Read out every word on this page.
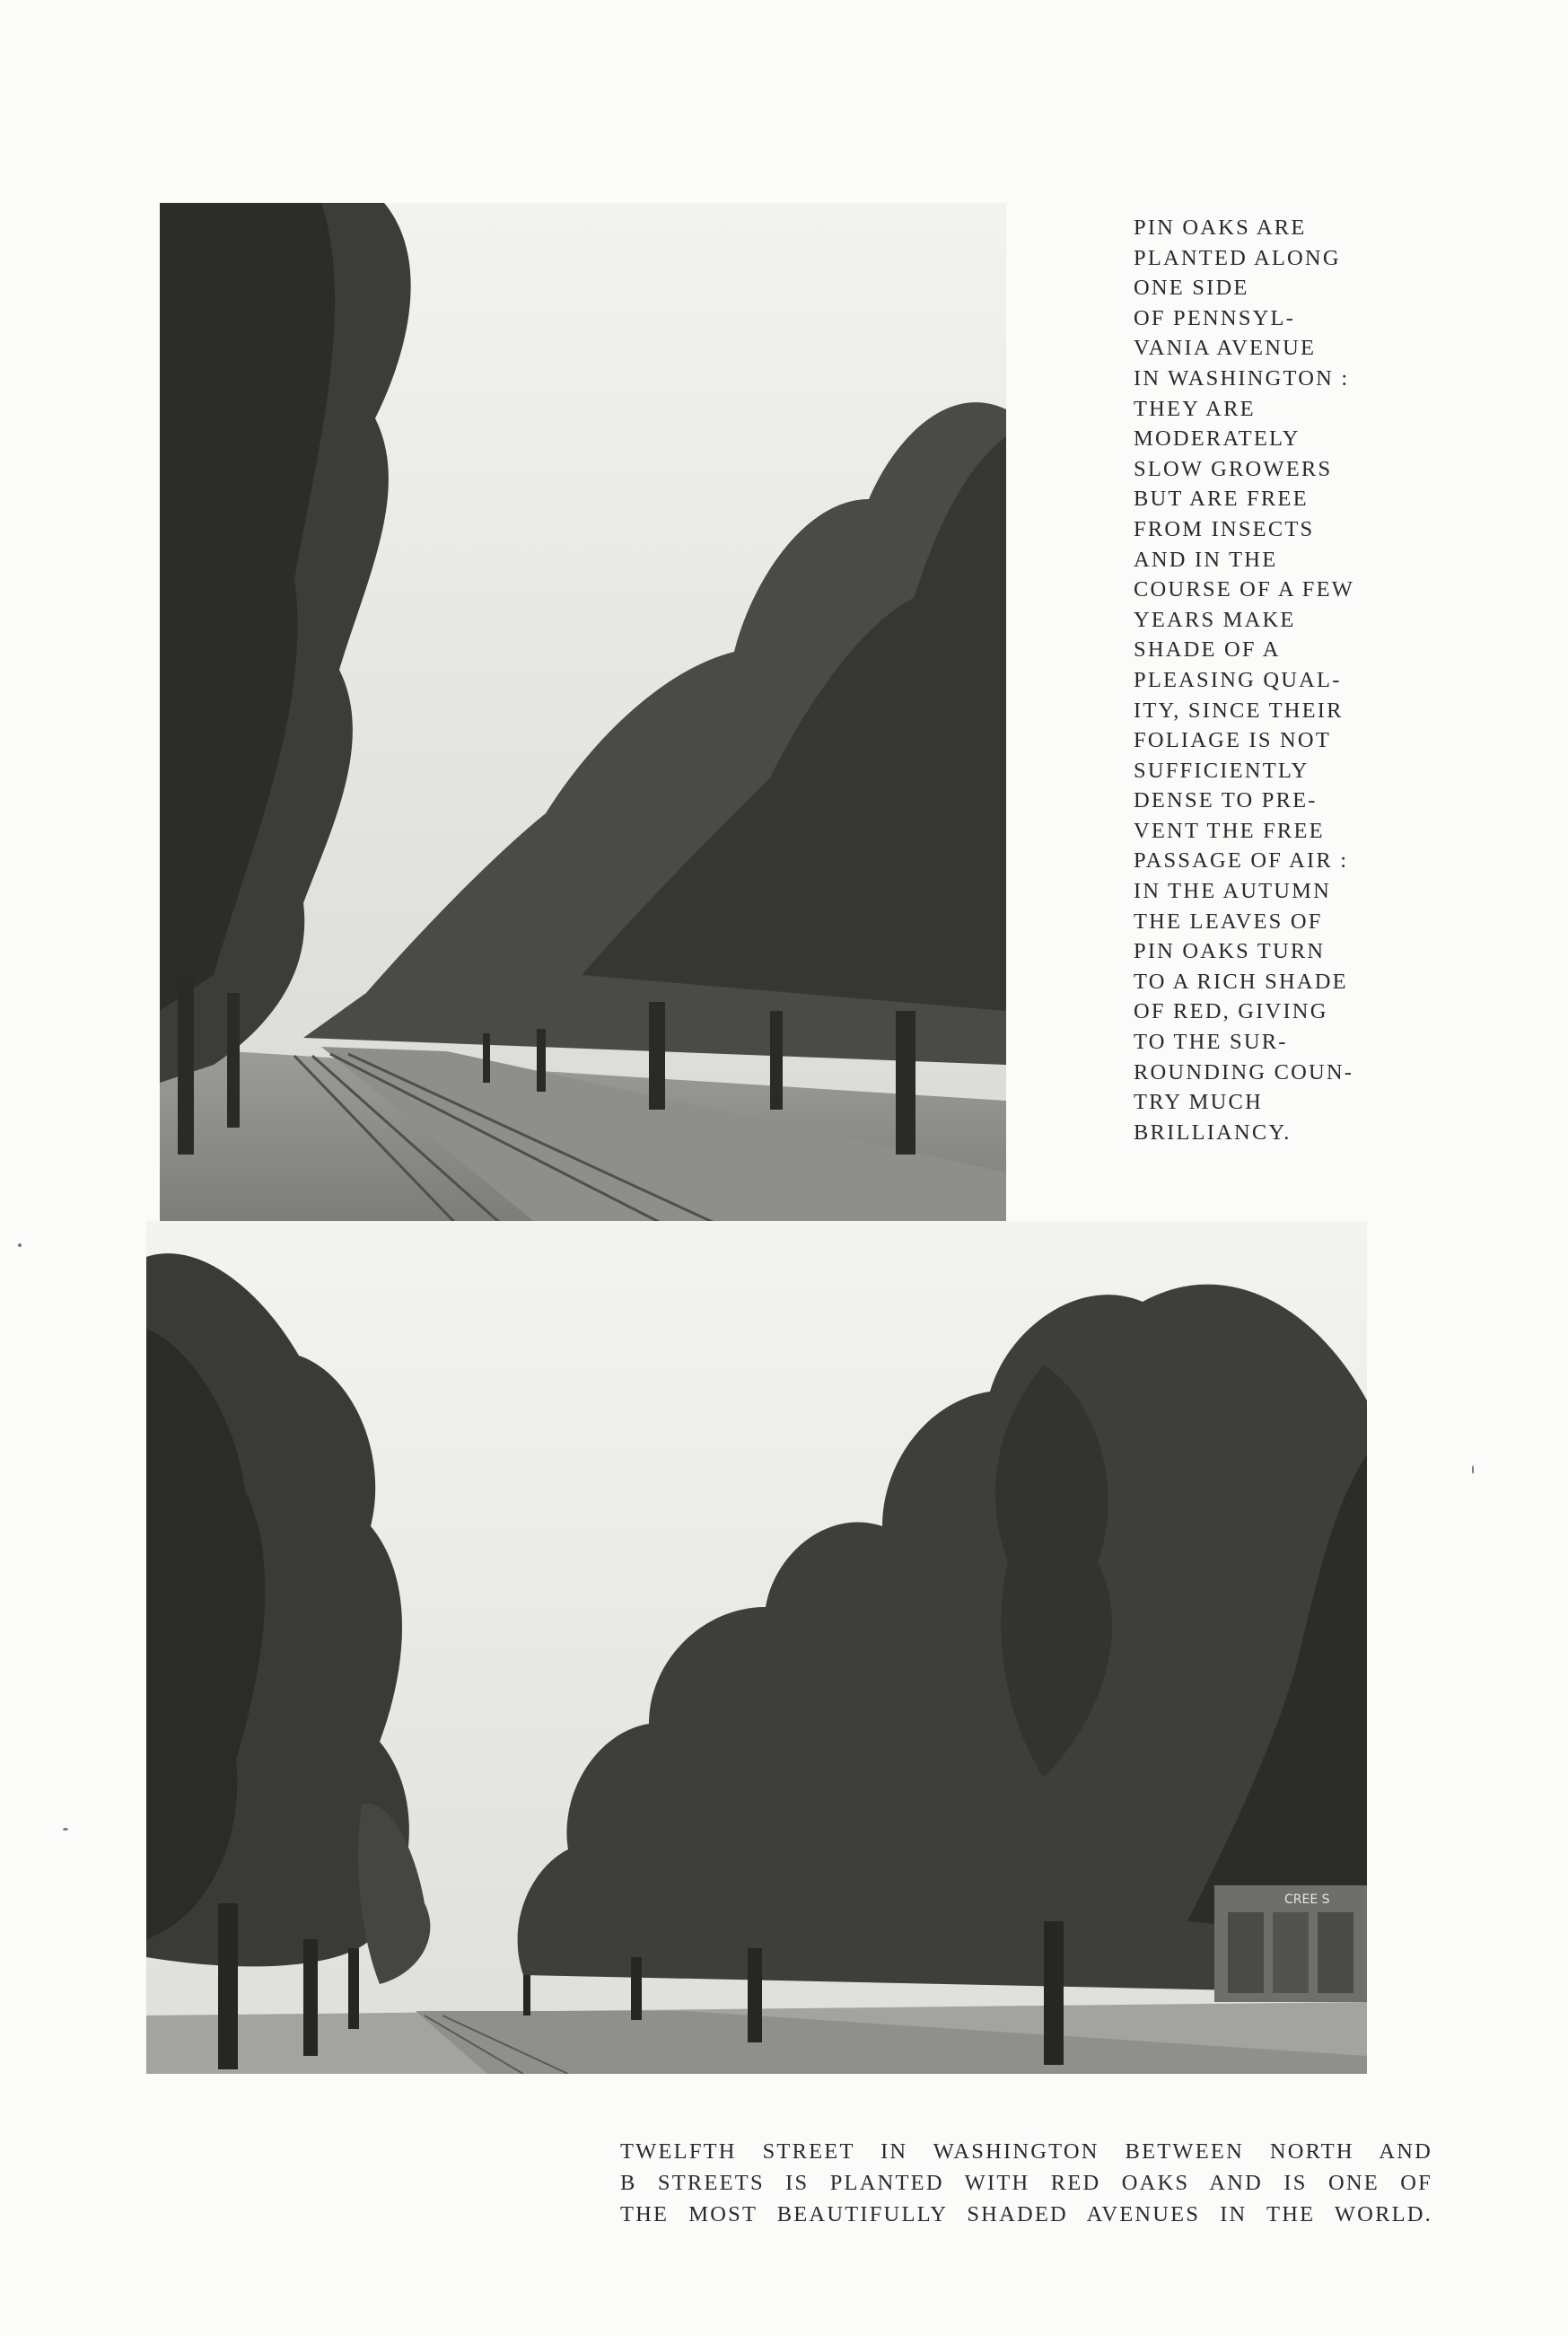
PIN OAKS ARE
PLANTED ALONG
ONE SIDE
OF PENNSYL-
VANIA AVENUE
IN WASHINGTON :
THEY ARE
MODERATELY
SLOW GROWERS
BUT ARE FREE
FROM INSECTS
AND IN THE
COURSE OF A FEW
YEARS MAKE
SHADE OF A
PLEASING QUAL-
ITY, SINCE THEIR
FOLIAGE IS NOT
SUFFICIENTLY
DENSE TO PRE-
VENT THE FREE
PASSAGE OF AIR :
IN THE AUTUMN
THE LEAVES OF
PIN OAKS TURN
TO A RICH SHADE
OF RED, GIVING
TO THE SUR-
ROUNDING COUN-
TRY MUCH
BRILLIANCY.
CREE S
TWELFTH STREET IN WASHINGTON BETWEEN NORTH AND
B STREETS IS PLANTED WITH RED OAKS AND IS ONE OF
THE MOST BEAUTIFULLY SHADED AVENUES IN THE WORLD.
